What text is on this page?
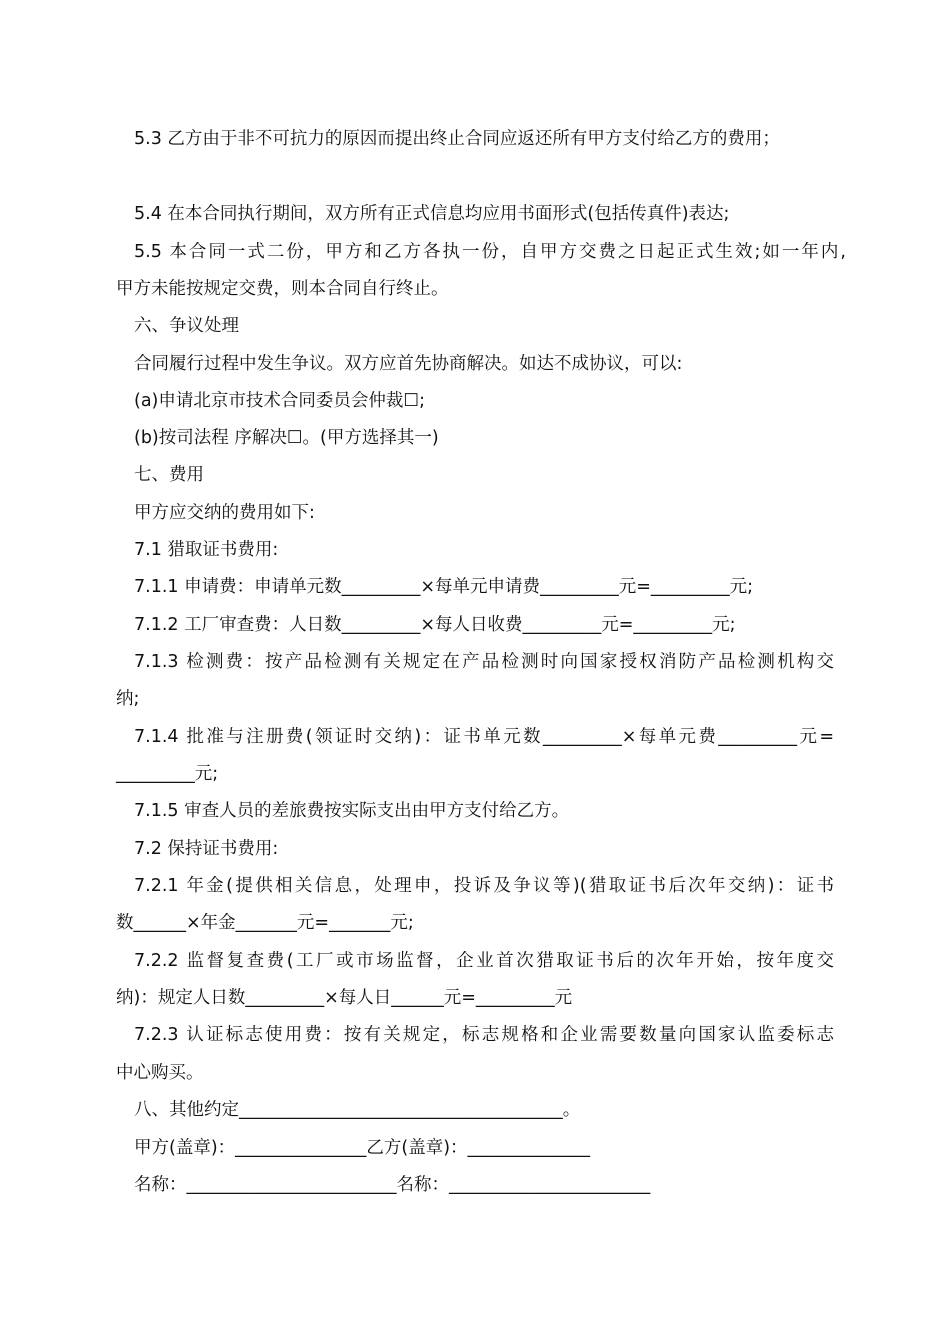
5.3 乙方由于非不可抗力的原因而提出终止合同应返还所有甲方支付给乙方的费用；
5.4 在本合同执行期间，双方所有正式信息均应用书面形式(包括传真件)表达;
5.5 本合同一式二份，甲方和乙方各执一份，自甲方交费之日起正式生效;如一年内,
甲方未能按规定交费，则本合同自行终止。
六、争议处理
合同履行过程中发生争议。双方应首先协商解决。如达不成协议，可以:
(a)申请北京市技术合同委员会仲裁☐;
(b)按司法程 序解决☐。(甲方选择其一)
七、费用
甲方应交纳的费用如下:
7.1 猎取证书费用:
7.1.1 申请费：申请单元数_________×每单元申请费_________元=_________元;
7.1.2 工厂审查费：人日数_________×每人日收费_________元=_________元;
7.1.3 检测费：按产品检测有关规定在产品检测时向国家授权消防产品检测机构交
纳;
7.1.4 批准与注册费(领证时交纳)：证书单元数_________×每单元费_________元=
_________元;
7.1.5 审查人员的差旅费按实际支出由甲方支付给乙方。
7.2 保持证书费用:
7.2.1 年金(提供相关信息，处理申，投诉及争议等)(猎取证书后次年交纳)：证书
数______×年金_______元=_______元;
7.2.2 监督复查费(工厂或市场监督，企业首次猎取证书后的次年开始，按年度交
纳)：规定人日数_________×每人日______元=_________元
7.2.3 认证标志使用费：按有关规定，标志规格和企业需要数量向国家认监委标志
中心购买。
八、其他约定_____________________________________。
甲方(盖章)：_______________乙方(盖章)：______________
名称：________________________名称：_______________________
